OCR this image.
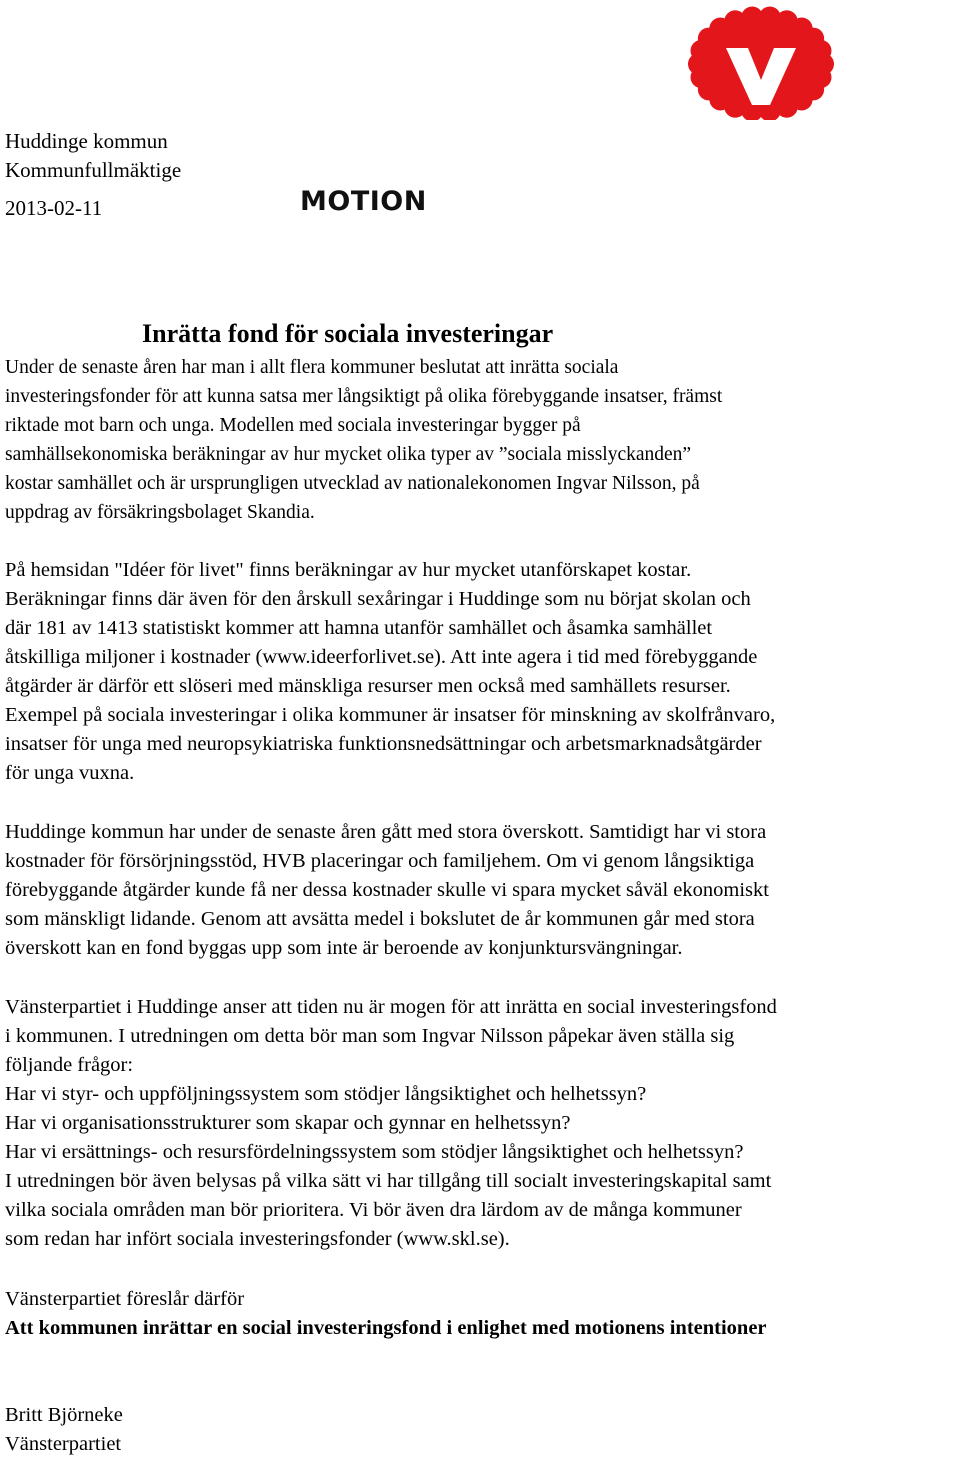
Huddinge kommun

Kommunfullmäktige

2013-02-11	MOTION

Inrätta fond för sociala investeringar
Under de senaste åren har man i allt flera kommuner beslutat att inrätta sociala
investeringsfonder för att kunna satsa mer långsiktigt på olika förebyggande insatser, främst
riktade mot barn och unga. Modellen med sociala investeringar bygger på
samhällsekonomiska beräkningar av hur mycket olika typer av ”sociala misslyckanden”
kostar samhället och är ursprungligen utvecklad av nationalekonomen Ingvar Nilsson, på
uppdrag av försäkringsbolaget Skandia.
På hemsidan "Idéer för livet" finns beräkningar av hur mycket utanförskapet kostar.
Beräkningar finns där även för den årskull sexåringar i Huddinge som nu börjat skolan och
där 181 av 1413 statistiskt kommer att hamna utanför samhället och åsamka samhället
åtskilliga miljoner i kostnader (www.ideerforlivet.se). Att inte agera i tid med förebyggande
åtgärder är därför ett slöseri med mänskliga resurser men också med samhällets resurser.
Exempel på sociala investeringar i olika kommuner är insatser för minskning av skolfrånvaro,
insatser för unga med neuropsykiatriska funktionsnedsättningar och arbetsmarknadsåtgärder
för unga vuxna.
Huddinge kommun har under de senaste åren gått med stora överskott. Samtidigt har vi stora
kostnader för försörjningsstöd, HVB placeringar och familjehem. Om vi genom långsiktiga
förebyggande åtgärder kunde få ner dessa kostnader skulle vi spara mycket såväl ekonomiskt
som mänskligt lidande. Genom att avsätta medel i bokslutet de år kommunen går med stora
överskott kan en fond byggas upp som inte är beroende av konjunktursvängningar.
Vänsterpartiet i Huddinge anser att tiden nu är mogen för att inrätta en social investeringsfond
i kommunen. I utredningen om detta bör man som Ingvar Nilsson påpekar även ställa sig
följande frågor:
Har vi styr- och uppföljningssystem som stödjer långsiktighet och helhetssyn?
Har vi organisationsstrukturer som skapar och gynnar en helhetssyn?
Har vi ersättnings- och resursfördelningssystem som stödjer långsiktighet och helhetssyn?
I utredningen bör även belysas på vilka sätt vi har tillgång till socialt investeringskapital samt
vilka sociala områden man bör prioritera. Vi bör även dra lärdom av de många kommuner
som redan har infört sociala investeringsfonder (www.skl.se).
Vänsterpartiet föreslår därför
Att kommunen inrättar en social investeringsfond i enlighet med motionens intentioner
Britt Björneke
Vänsterpartiet
